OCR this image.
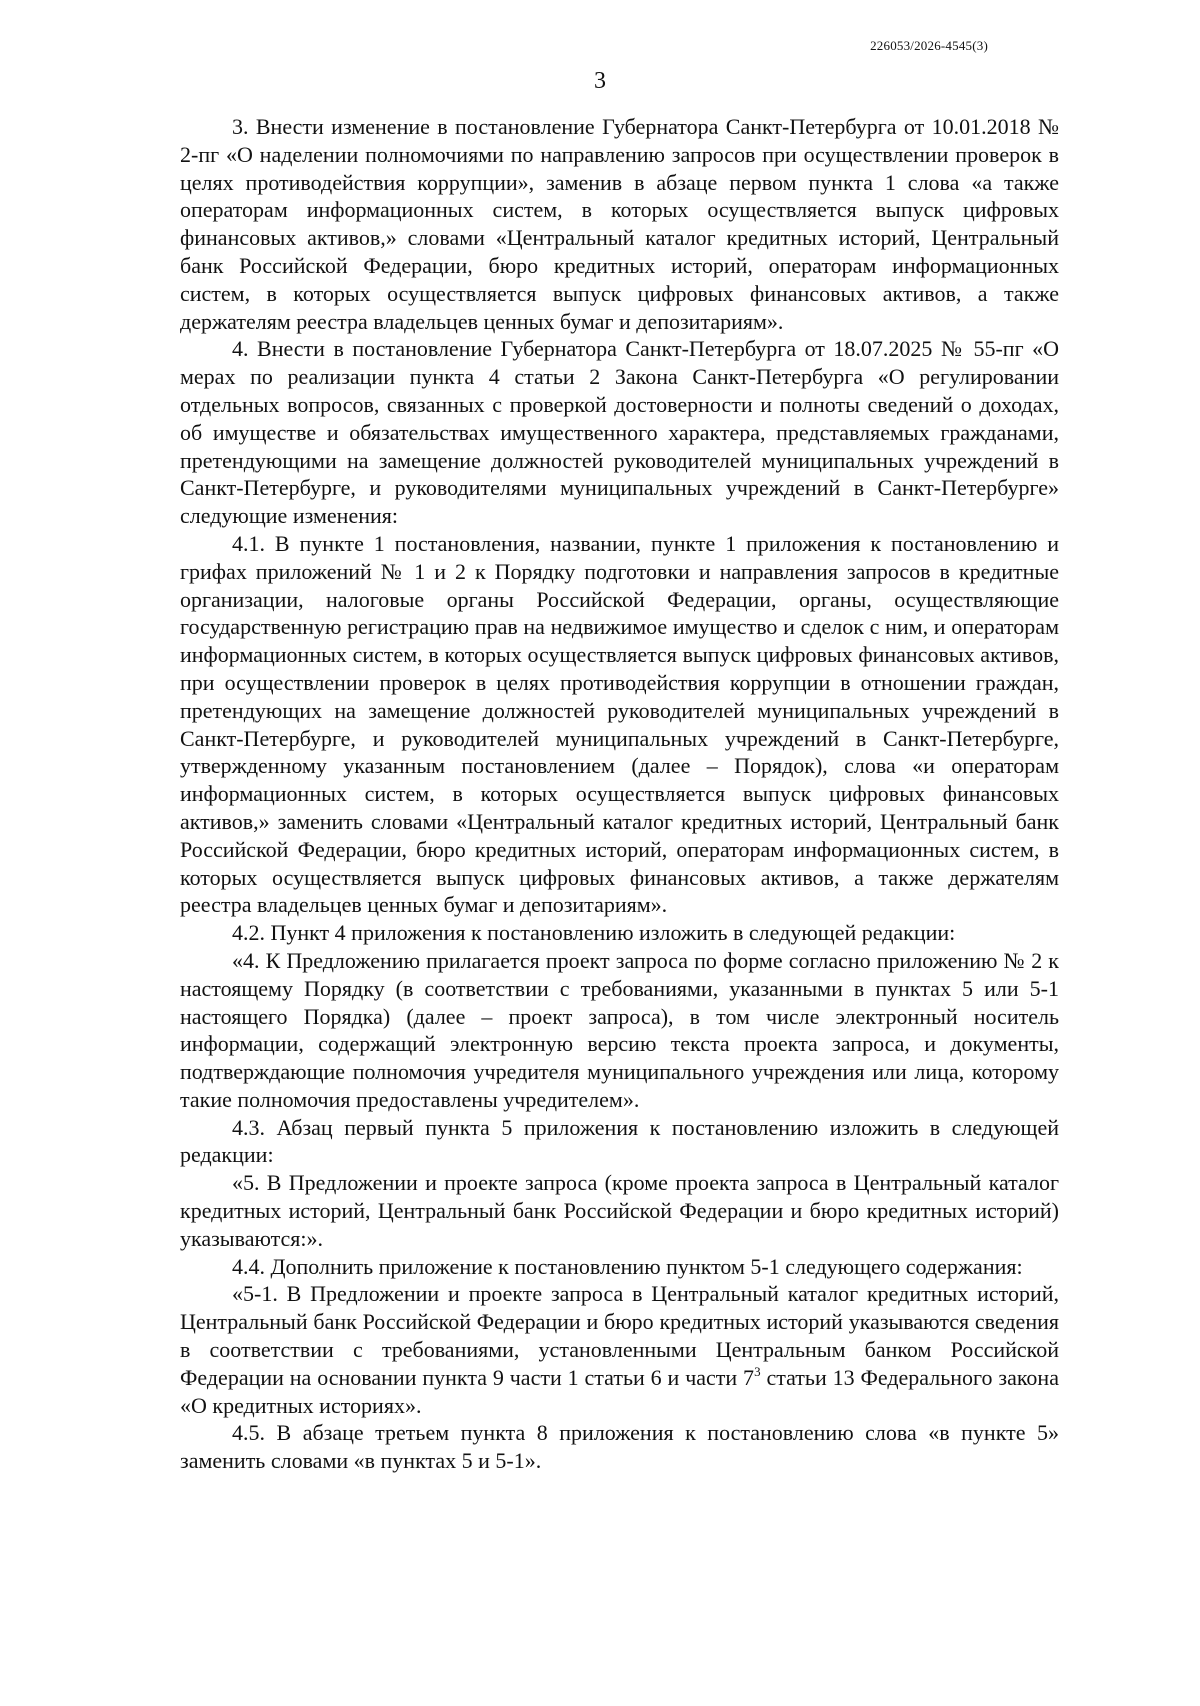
226053/2026-4545(3)
3

3. Внести изменение в постановление Губернатора Санкт-Петербурга от 10.01.2018 № 2-пг «О наделении полномочиями по направлению запросов при осуществлении проверок в целях противодействия коррупции», заменив в абзаце первом пункта 1 слова «а также операторам информационных систем, в которых осуществляется выпуск цифровых финансовых активов,» словами «Центральный каталог кредитных историй, Центральный банк Российской Федерации, бюро кредитных историй, операторам информационных систем, в которых осуществляется выпуск цифровых финансовых активов, а также держателям реестра владельцев ценных бумаг и депозитариям».

4. Внести в постановление Губернатора Санкт-Петербурга от 18.07.2025 № 55-пг «О мерах по реализации пункта 4 статьи 2 Закона Санкт-Петербурга «О регулировании отдельных вопросов, связанных с проверкой достоверности и полноты сведений о доходах, об имуществе и обязательствах имущественного характера, представляемых гражданами, претендующими на замещение должностей руководителей муниципальных учреждений в Санкт-Петербурге, и руководителями муниципальных учреждений в Санкт-Петербурге» следующие изменения:

4.1. В пункте 1 постановления, названии, пункте 1 приложения к постановлению и грифах приложений № 1 и 2 к Порядку подготовки и направления запросов в кредитные организации, налоговые органы Российской Федерации, органы, осуществляющие государственную регистрацию прав на недвижимое имущество и сделок с ним, и операторам информационных систем, в которых осуществляется выпуск цифровых финансовых активов, при осуществлении проверок в целях противодействия коррупции в отношении граждан, претендующих на замещение должностей руководителей муниципальных учреждений в Санкт-Петербурге, и руководителей муниципальных учреждений в Санкт-Петербурге, утвержденному указанным постановлением (далее – Порядок), слова «и операторам информационных систем, в которых осуществляется выпуск цифровых финансовых активов,» заменить словами «Центральный каталог кредитных историй, Центральный банк Российской Федерации, бюро кредитных историй, операторам информационных систем, в которых осуществляется выпуск цифровых финансовых активов, а также держателям реестра владельцев ценных бумаг и депозитариям».

4.2. Пункт 4 приложения к постановлению изложить в следующей редакции:

«4. К Предложению прилагается проект запроса по форме согласно приложению № 2 к настоящему Порядку (в соответствии с требованиями, указанными в пунктах 5 или 5-1 настоящего Порядка) (далее – проект запроса), в том числе электронный носитель информации, содержащий электронную версию текста проекта запроса, и документы, подтверждающие полномочия учредителя муниципального учреждения или лица, которому такие полномочия предоставлены учредителем».

4.3. Абзац первый пункта 5 приложения к постановлению изложить в следующей редакции:

«5. В Предложении и проекте запроса (кроме проекта запроса в Центральный каталог кредитных историй, Центральный банк Российской Федерации и бюро кредитных историй) указываются:».

4.4. Дополнить приложение к постановлению пунктом 5-1 следующего содержания:

«5-1. В Предложении и проекте запроса в Центральный каталог кредитных историй, Центральный банк Российской Федерации и бюро кредитных историй указываются сведения в соответствии с требованиями, установленными Центральным банком Российской Федерации на основании пункта 9 части 1 статьи 6 и части $7^3$ статьи 13 Федерального закона «О кредитных историях».

4.5. В абзаце третьем пункта 8 приложения к постановлению слова «в пункте 5» заменить словами «в пунктах 5 и 5-1».
